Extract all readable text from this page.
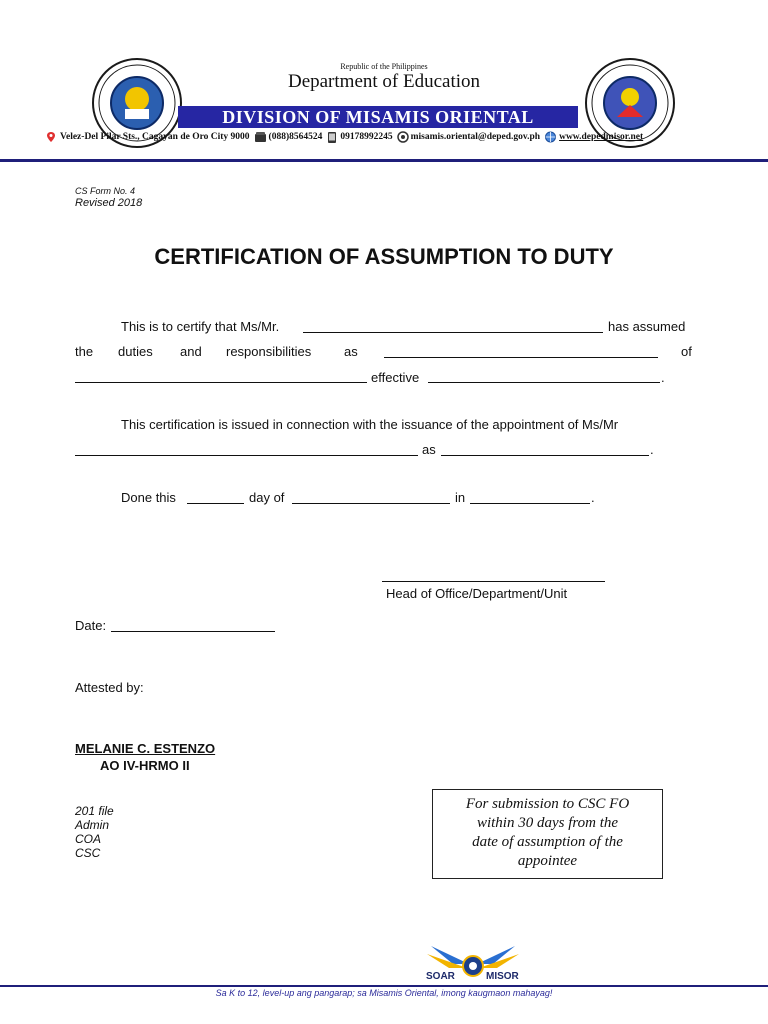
Republic of the Philippines
Department of Education
DIVISION OF MISAMIS ORIENTAL
Velez-Del Pilar Sts., Cagayan de Oro City 9000 (088)8564524 09178992245 misamis.oriental@deped.gov.ph www.depedmisor.net
CS Form No. 4
Revised 2018
CERTIFICATION OF ASSUMPTION TO DUTY
This is to certify that Ms/Mr.	has assumed
the duties and responsibilities	as	of
effective	.
This certification is issued in connection with the issuance of the appointment of Ms/Mr
as	.
Done this	day of	in	.
Head of Office/Department/Unit
Date:
Attested by:
MELANIE C. ESTENZO
AO IV-HRMO II
201 file
Admin
COA
CSC
For submission to CSC FO
within 30 days from the
date of assumption of the
appointee
SOAR	MISOR
Sa K to 12, level-up ang pangarap; sa Misamis Oriental, imong kaugmaon mahayag!
